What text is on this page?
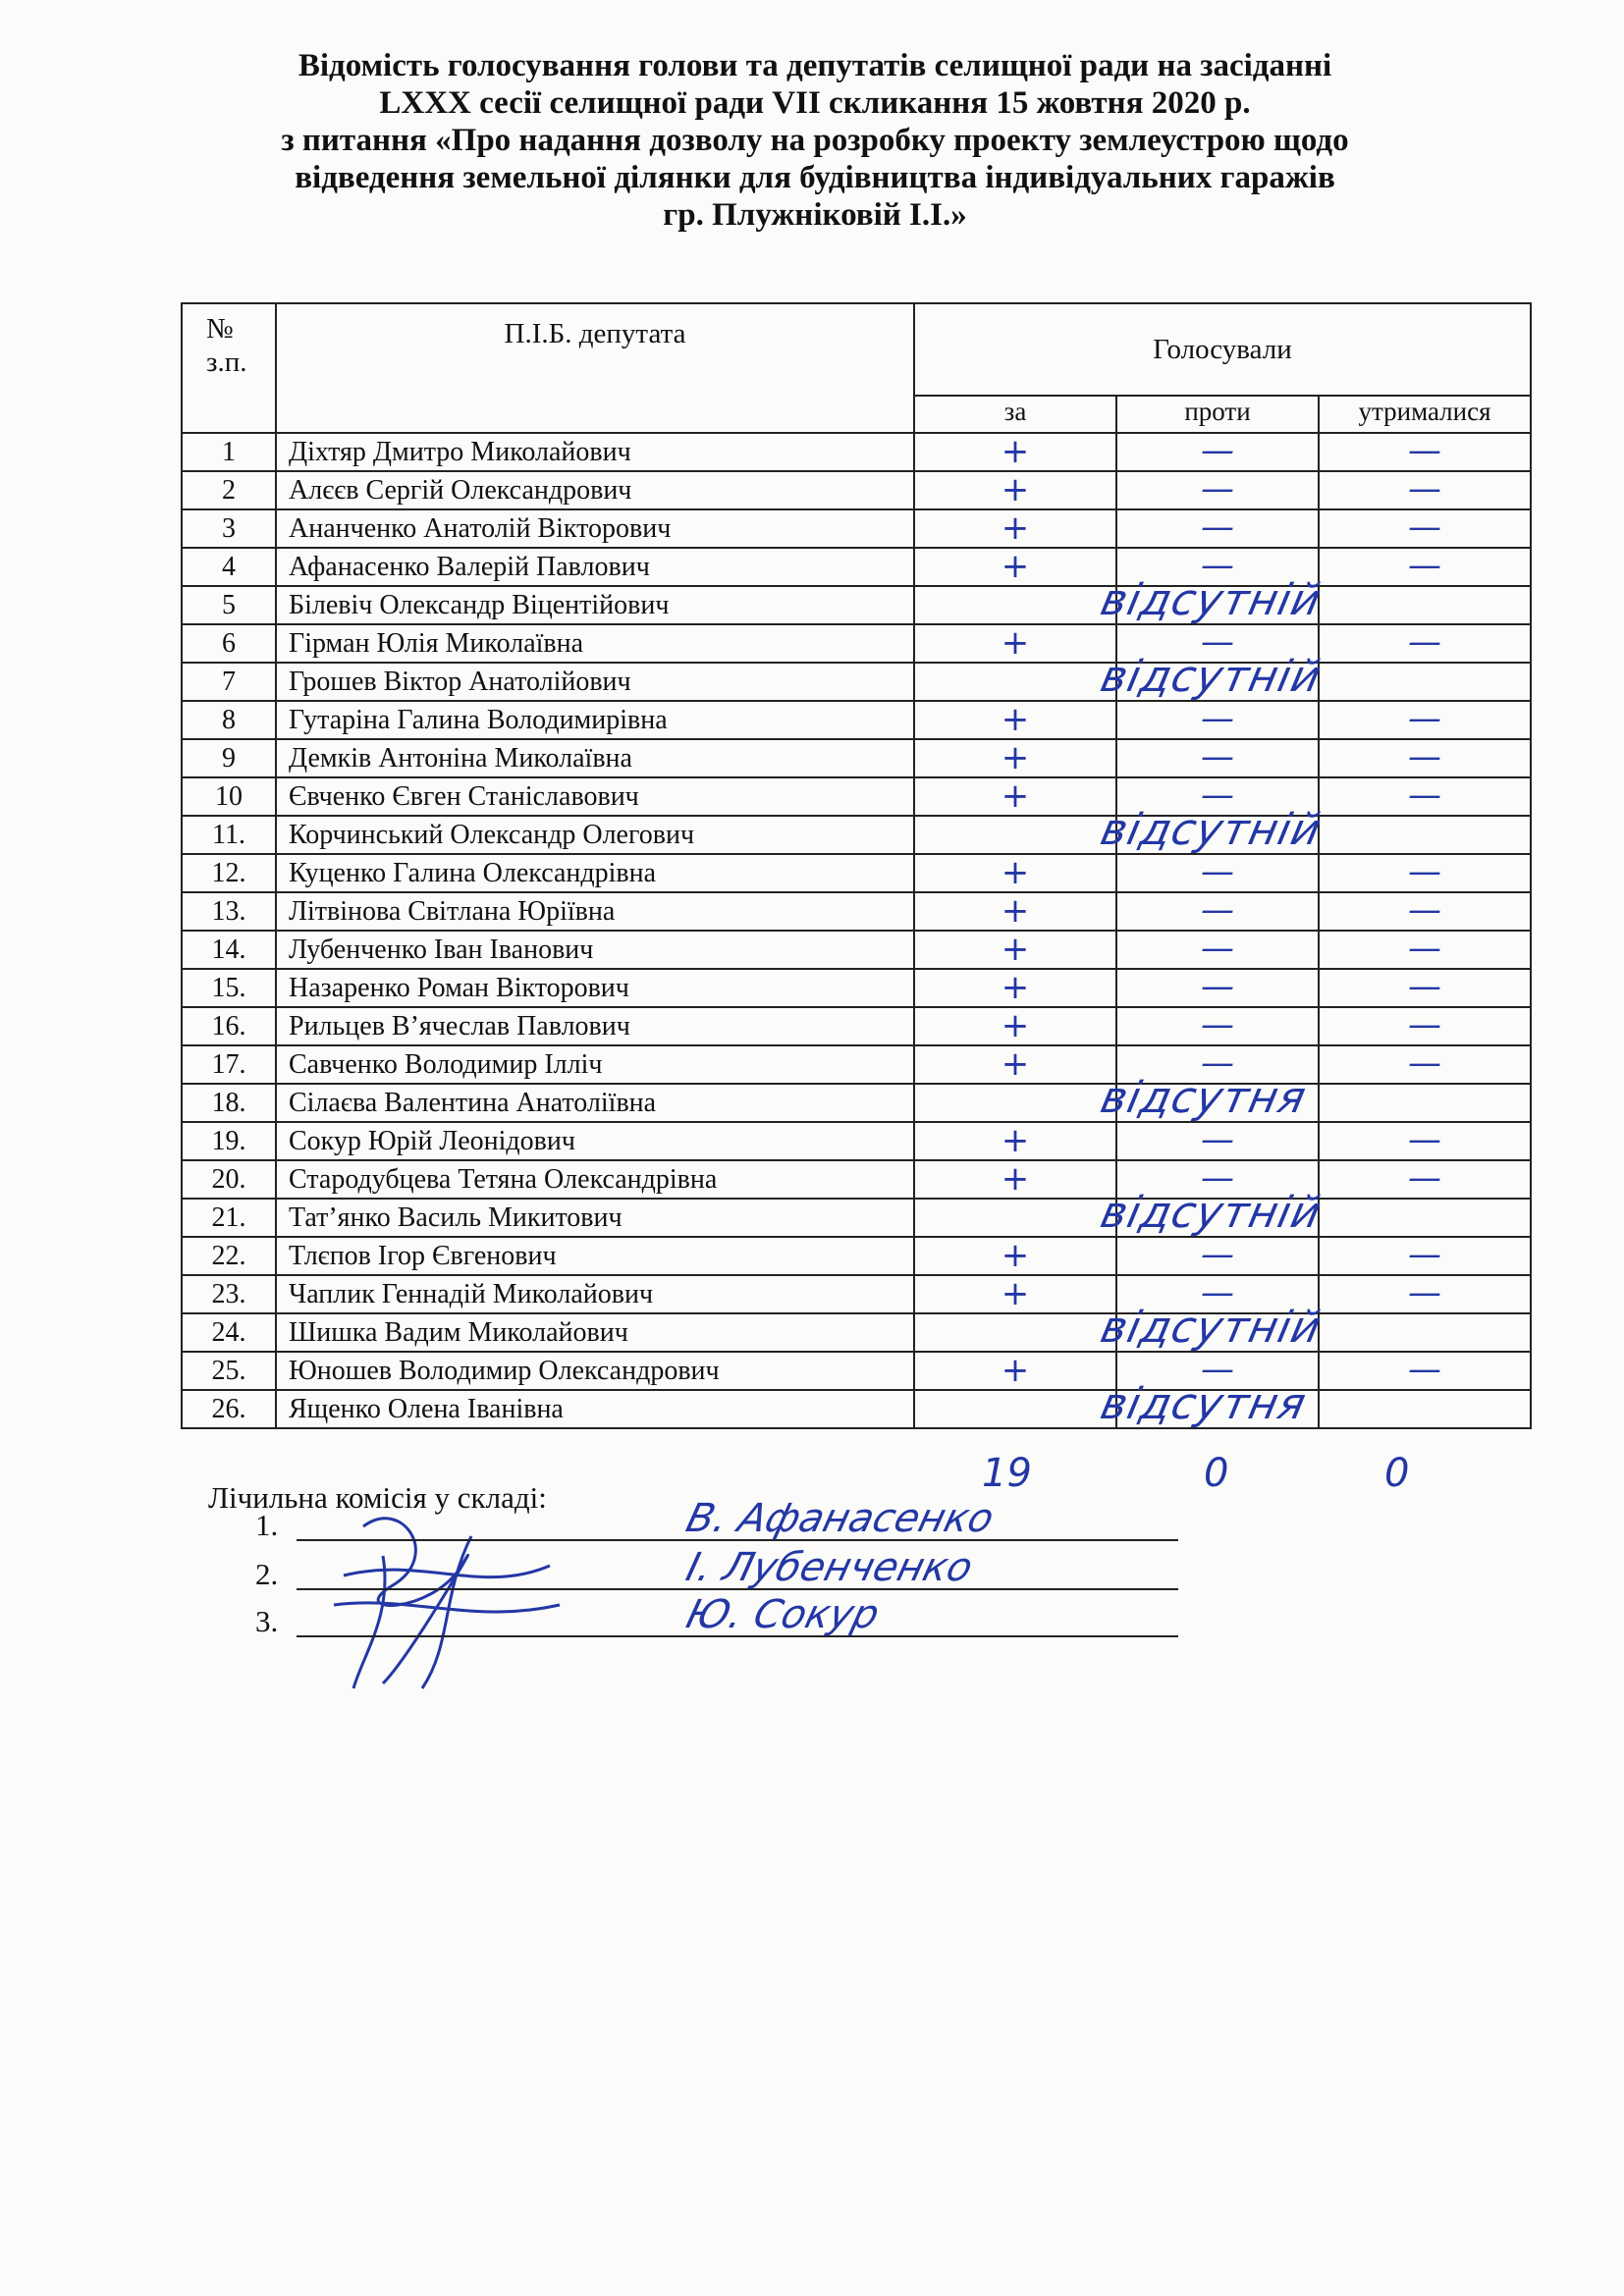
Відомість голосування голови та депутатів селищної ради на засіданні
LXXX сесії селищної ради VII скликання 15 жовтня 2020 р.
з питання «Про надання дозволу на розробку проекту землеустрою щодо
відведення земельної ділянки для будівництва індивідуальних гаражів
гр. Плужніковій І.І.»
№ з.п.	П.І.Б. депутата	Голосували		
		за	проти	утрималися
1	Діхтяр Дмитро Миколайович	+	—	—
2	Алєєв Сергій Олександрович	+	—	—
3	Ананченко Анатолій Вікторович	+	—	—
4	Афанасенко Валерій Павлович	+	—	—
5	Білевіч Олександр Віцентійович	відсутній		

6	Гірман Юлія Миколаївна	+	—	—
7	Грошев Віктор Анатолійович	відсутній		

8	Гутаріна Галина Володимирівна	+	—	—
9	Демків Антоніна Миколаївна	+	—	—
10	Євченко Євген Станіславович	+	—	—
11.	Корчинський Олександр Олегович	відсутній		

12.	Куценко Галина Олександрівна	+	—	—
13.	Літвінова Світлана Юріївна	+	—	—
14.	Лубенченко Іван Іванович	+	—	—
15.	Назаренко Роман Вікторович	+	—	—
16.	Рильцев В’ячеслав Павлович	+	—	—
17.	Савченко Володимир Ілліч	+	—	—
18.	Сілаєва Валентина Анатоліївна	відсутня		

19.	Сокур Юрій Леонідович	+	—	—
20.	Стародубцева Тетяна Олександрівна	+	—	—
21.	Тат’янко Василь Микитович	відсутній		

22.	Тлєпов Ігор Євгенович	+	—	—
23.	Чаплик Геннадій Миколайович	+	—	—
24.	Шишка Вадим Миколайович	відсутній		

25.	Юношев Володимир Олександрович	+	—	—
26.	Ященко Олена Іванівна	відсутня		

19	0	0
Лічильна комісія у складі:
1.	В. Афанасенко
2.	І. Лубенченко
3.	Ю. Сокур
